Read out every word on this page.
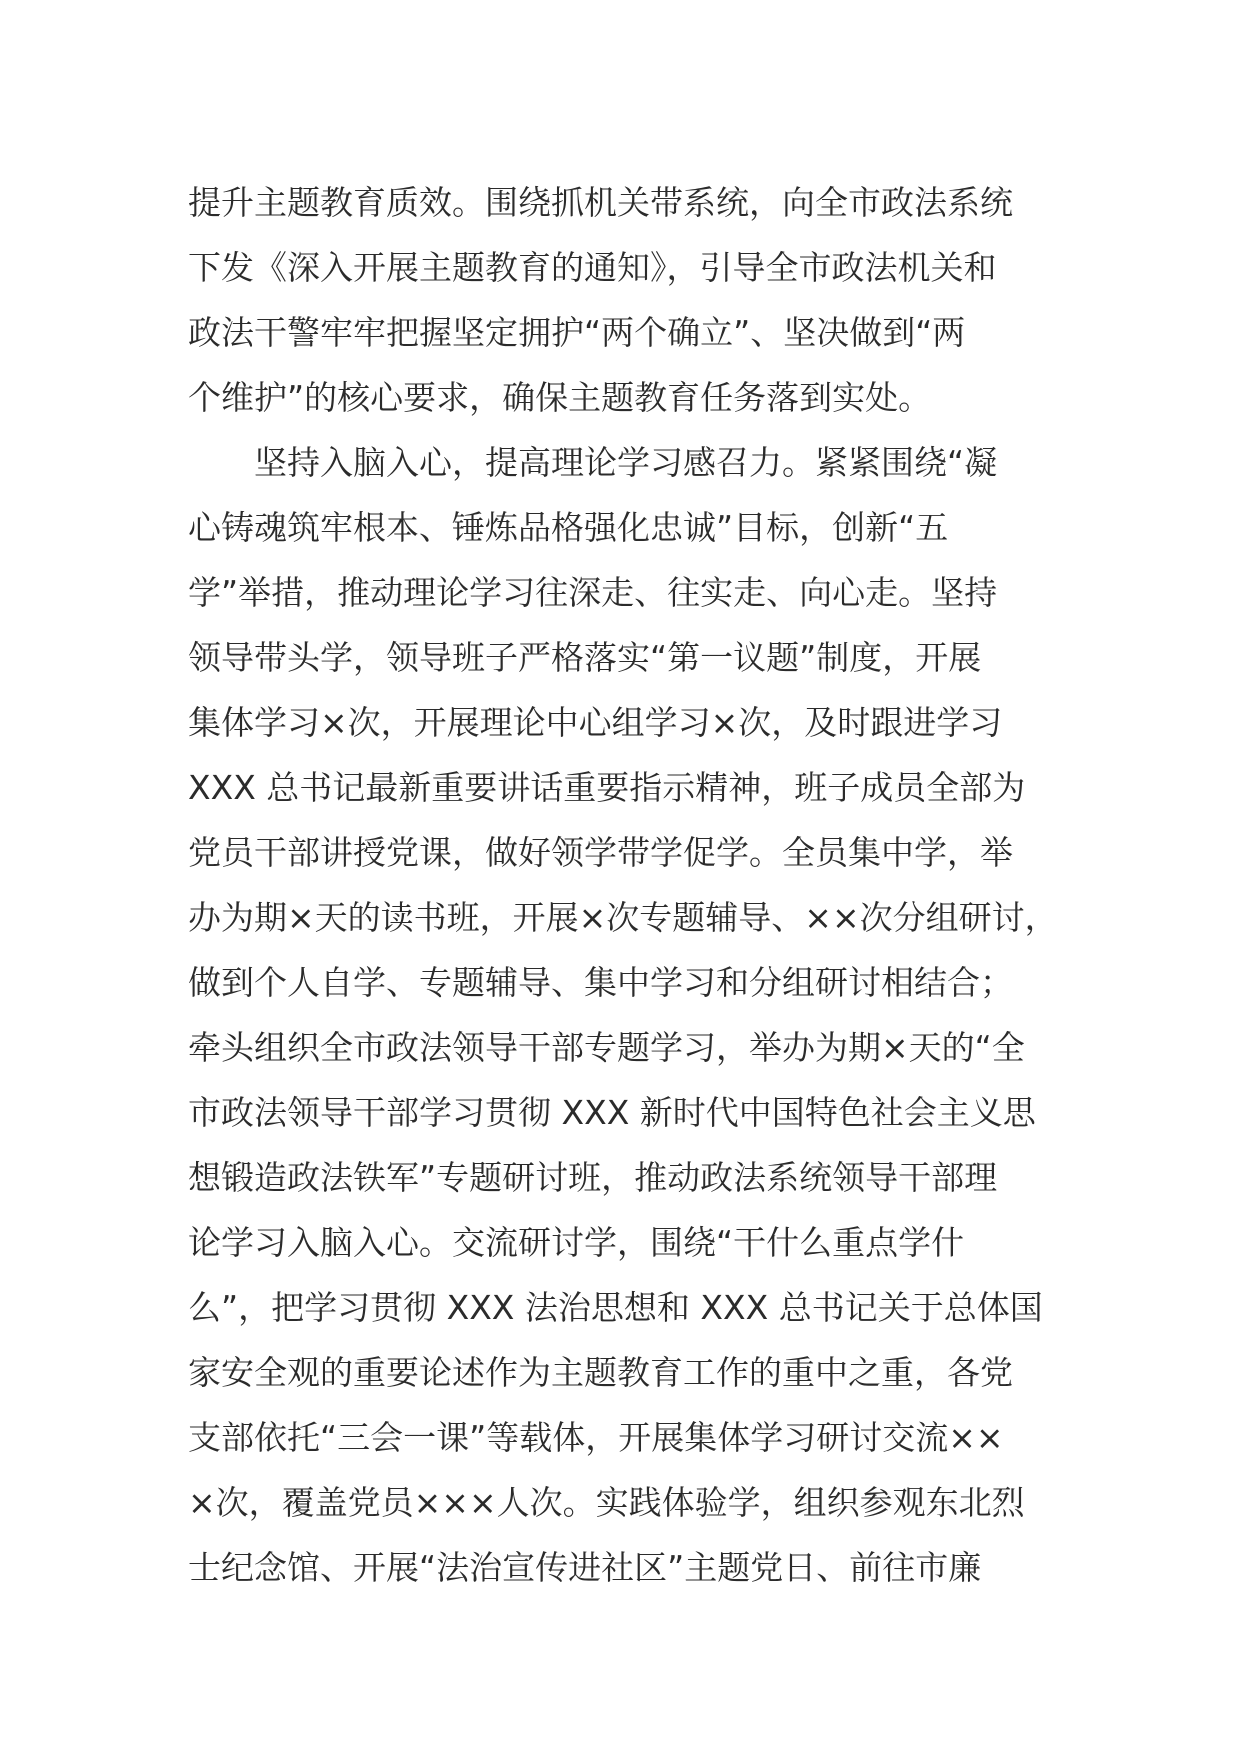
提升主题教育质效。围绕抓机关带系统，向全市政法系统
下发《深入开展主题教育的通知》，引导全市政法机关和
政法干警牢牢把握坚定拥护“两个确立”、坚决做到“两
个维护”的核心要求，确保主题教育任务落到实处。
坚持入脑入心，提高理论学习感召力。紧紧围绕“凝
心铸魂筑牢根本、锤炼品格强化忠诚”目标，创新“五
学”举措，推动理论学习往深走、往实走、向心走。坚持
领导带头学，领导班子严格落实“第一议题”制度，开展
集体学习×次，开展理论中心组学习×次，及时跟进学习
XXX 总书记最新重要讲话重要指示精神，班子成员全部为
党员干部讲授党课，做好领学带学促学。全员集中学，举
办为期×天的读书班，开展×次专题辅导、××次分组研讨，
做到个人自学、专题辅导、集中学习和分组研讨相结合；
牵头组织全市政法领导干部专题学习，举办为期×天的“全
市政法领导干部学习贯彻 XXX 新时代中国特色社会主义思
想锻造政法铁军”专题研讨班，推动政法系统领导干部理
论学习入脑入心。交流研讨学，围绕“干什么重点学什
么”，把学习贯彻 XXX 法治思想和 XXX 总书记关于总体国
家安全观的重要论述作为主题教育工作的重中之重，各党
支部依托“三会一课”等载体，开展集体学习研讨交流××
×次，覆盖党员×××人次。实践体验学，组织参观东北烈
士纪念馆、开展“法治宣传进社区”主题党日、前往市廉
